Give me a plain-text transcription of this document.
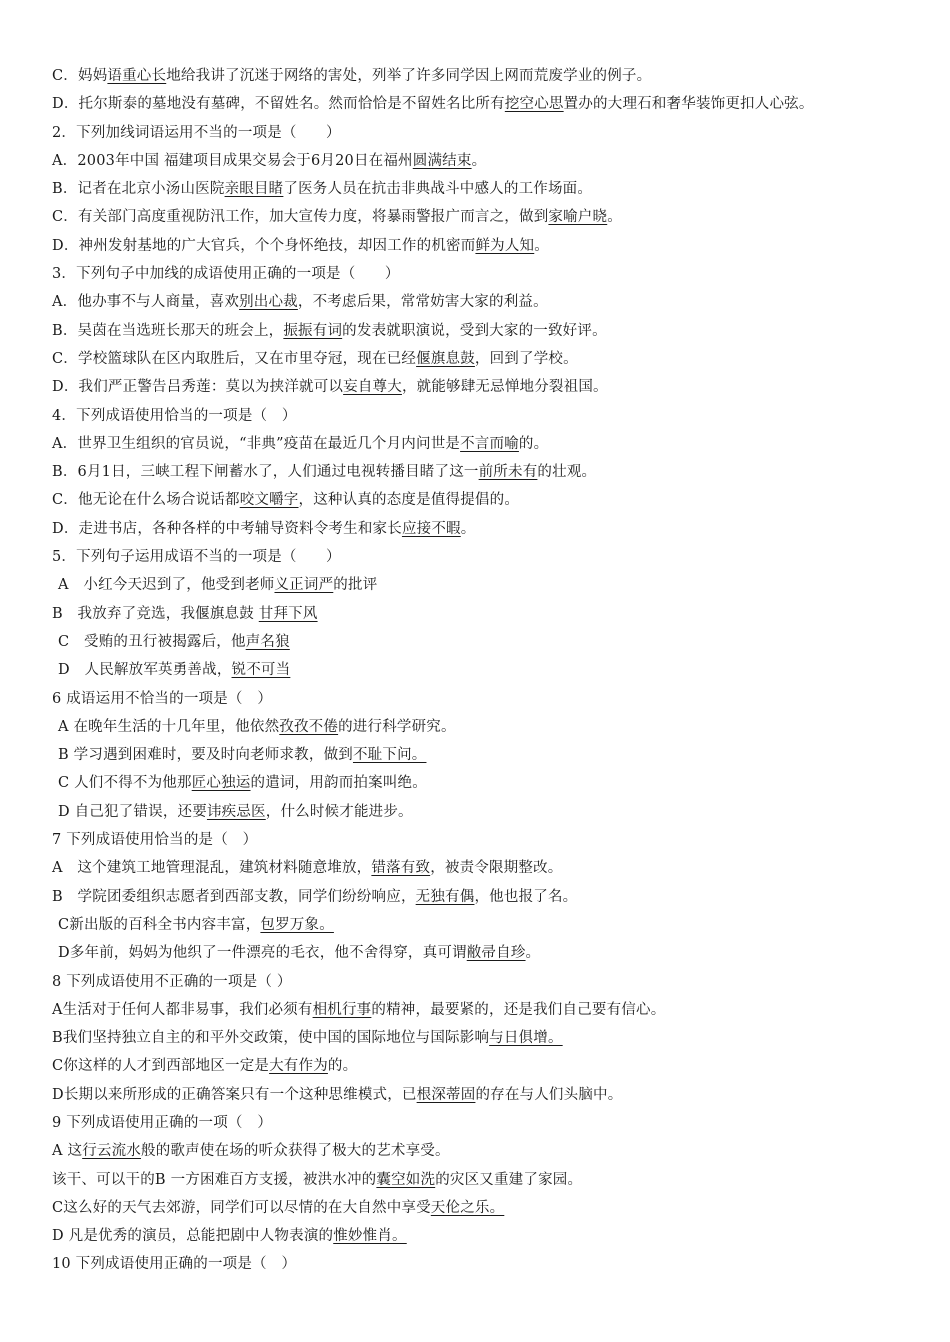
C．妈妈语重心长地给我讲了沉迷于网络的害处，列举了许多同学因上网而荒废学业的例子。
D．托尔斯泰的墓地没有墓碑，不留姓名。然而恰恰是不留姓名比所有挖空心思置办的大理石和奢华装饰更扣人心弦。
2．下列加线词语运用不当的一项是（　　）
A．2003年中国 福建项目成果交易会于6月20日在福州圆满结束。
B．记者在北京小汤山医院亲眼目睹了医务人员在抗击非典战斗中感人的工作场面。
C．有关部门高度重视防汛工作，加大宣传力度，将暴雨警报广而言之，做到家喻户晓。
D．神州发射基地的广大官兵，个个身怀绝技，却因工作的机密而鲜为人知。
3．下列句子中加线的成语使用正确的一项是（　　）
A．他办事不与人商量，喜欢别出心裁，不考虑后果，常常妨害大家的利益。
B．吴茵在当选班长那天的班会上，振振有词的发表就职演说，受到大家的一致好评。
C．学校篮球队在区内取胜后，又在市里夺冠，现在已经偃旗息鼓，回到了学校。
D．我们严正警告吕秀莲：莫以为挟洋就可以妄自尊大，就能够肆无忌惮地分裂祖国。
4．下列成语使用恰当的一项是（　）
A．世界卫生组织的官员说，“非典”疫苗在最近几个月内问世是不言而喻的。
B．6月1日，三峡工程下闸蓄水了，人们通过电视转播目睹了这一前所未有的壮观。
C．他无论在什么场合说话都咬文嚼字，这种认真的态度是值得提倡的。
D．走进书店，各种各样的中考辅导资料令考生和家长应接不暇。
5．下列句子运用成语不当的一项是（　　）
A　小红今天迟到了，他受到老师义正词严的批评
B　我放弃了竞选，我偃旗息鼓 甘拜下风
C　受贿的丑行被揭露后，他声名狼
D　人民解放军英勇善战，锐不可当
6 成语运用不恰当的一项是（　）
A 在晚年生活的十几年里，他依然孜孜不倦的进行科学研究。
B 学习遇到困难时，要及时向老师求教，做到不耻下问。
C 人们不得不为他那匠心独运的遣词，用韵而拍案叫绝。
D 自己犯了错误，还要讳疾忌医，什么时候才能进步。
7 下列成语使用恰当的是（　）
A　这个建筑工地管理混乱，建筑材料随意堆放，错落有致，被责令限期整改。
B　学院团委组织志愿者到西部支教，同学们纷纷响应，无独有偶，他也报了名。
C新出版的百科全书内容丰富，包罗万象。
D多年前，妈妈为他织了一件漂亮的毛衣，他不舍得穿，真可谓敝帚自珍。
8 下列成语使用不正确的一项是（ ）
A生活对于任何人都非易事，我们必须有相机行事的精神，最要紧的，还是我们自己要有信心。
B我们坚持独立自主的和平外交政策，使中国的国际地位与国际影响与日俱增。
C你这样的人才到西部地区一定是大有作为的。
D长期以来所形成的正确答案只有一个这种思维模式，已根深蒂固的存在与人们头脑中。
9 下列成语使用正确的一项（　）
A 这行云流水般的歌声使在场的听众获得了极大的艺术享受。
该干、可以干的B 一方困难百方支援，被洪水冲的囊空如洗的灾区又重建了家园。
C这么好的天气去郊游，同学们可以尽情的在大自然中享受天伦之乐。
D 凡是优秀的演员，总能把剧中人物表演的惟妙惟肖。
10 下列成语使用正确的一项是（　）
